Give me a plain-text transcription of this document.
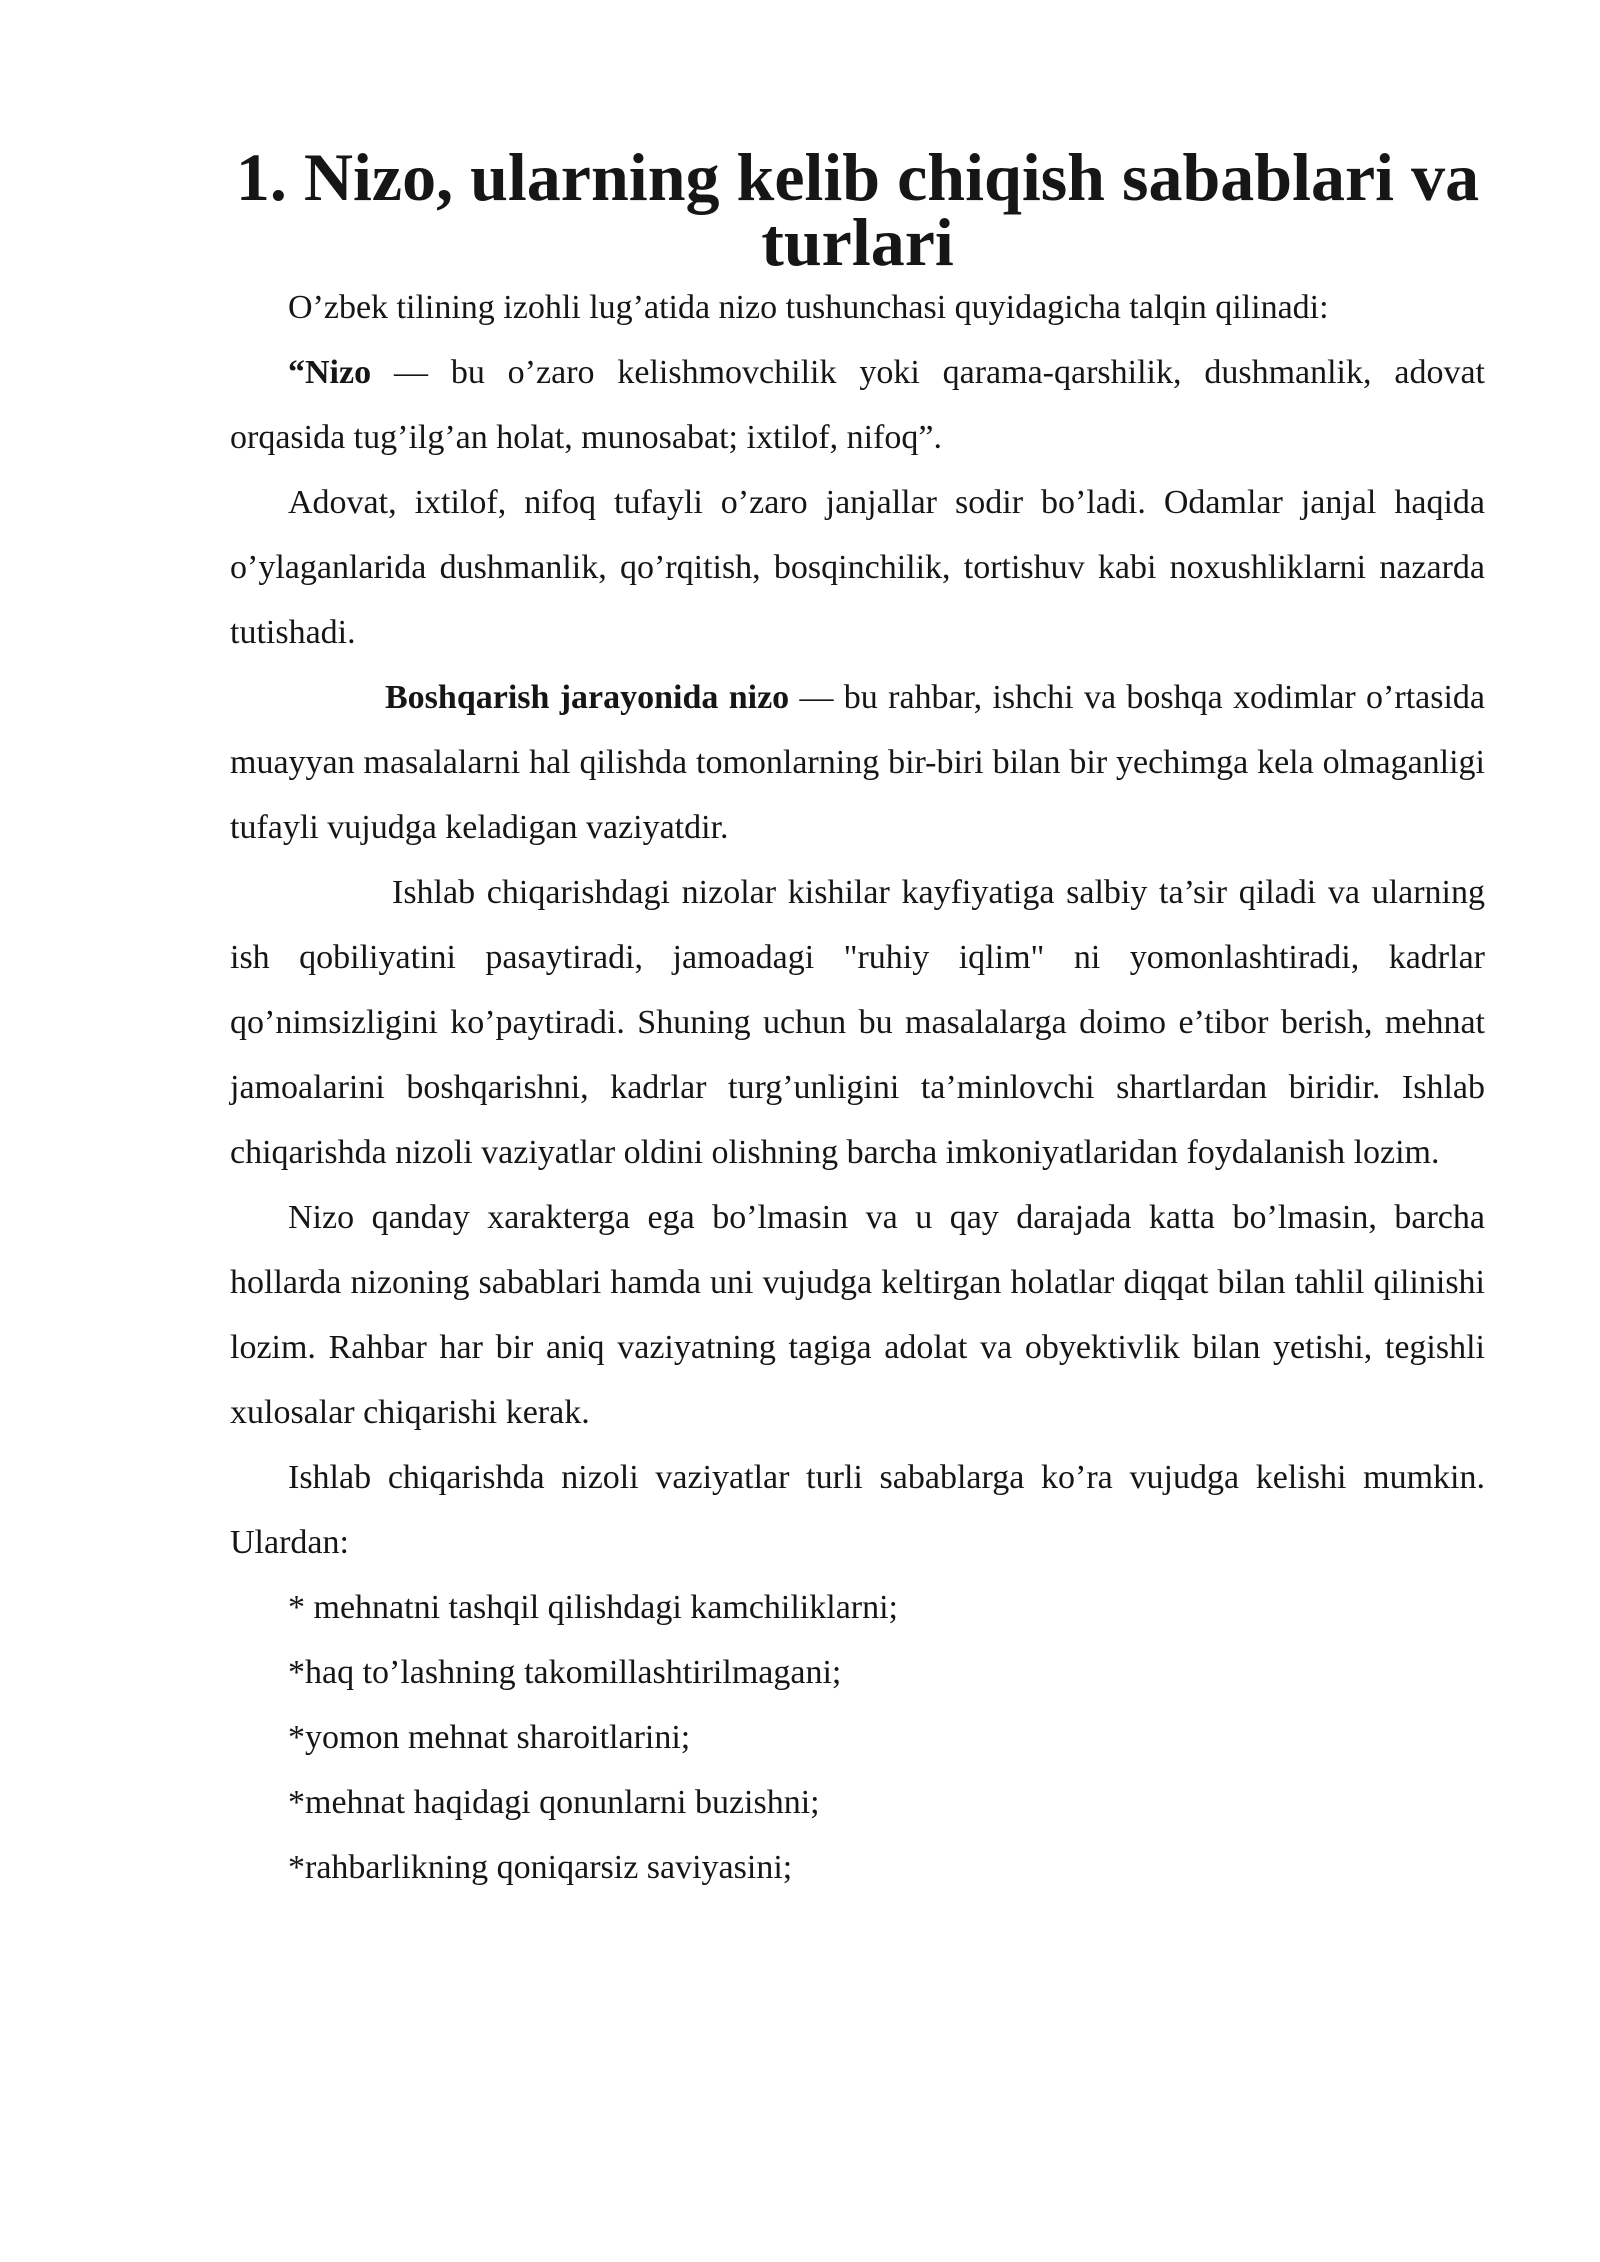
1. Nizo, ularning kelib chiqish sabablari va turlari

O’zbek tilining izohli lug’atida nizo tushunchasi quyidagicha talqin qilinadi:

“Nizo — bu o’zaro kelishmovchilik yoki qarama-qarshilik, dushmanlik, adovat orqasida tug’ilg’an holat, munosabat; ixtilof, nifoq”.

Adovat, ixtilof, nifoq tufayli o’zaro janjallar sodir bo’ladi. Odamlar janjal haqida o’ylaganlarida dushmanlik, qo’rqitish, bosqinchilik, tortishuv kabi noxushliklarni nazarda tutishadi.

Boshqarish jarayonida nizo — bu rahbar, ishchi va boshqa xodimlar o’rtasida muayyan masalalarni hal qilishda tomonlarning bir-biri bilan bir yechimga kela olmaganligi tufayli vujudga keladigan vaziyatdir.

Ishlab chiqarishdagi nizolar kishilar kayfiyatiga salbiy ta’sir qiladi va ularning ish qobiliyatini pasaytiradi, jamoadagi "ruhiy iqlim" ni yomonlashtiradi, kadrlar qo’nimsizligini ko’paytiradi. Shuning uchun bu masalalarga doimo e’tibor berish, mehnat jamoalarini boshqarishni, kadrlar turg’unligini ta’minlovchi shartlardan biridir. Ishlab chiqarishda nizoli vaziyatlar oldini olishning barcha imkoniyatlaridan foydalanish lozim.

Nizo qanday xarakterga ega bo’lmasin va u qay darajada katta bo’lmasin, barcha hollarda nizoning sabablari hamda uni vujudga keltirgan holatlar diqqat bilan tahlil qilinishi lozim. Rahbar har bir aniq vaziyatning tagiga adolat va obyektivlik bilan yetishi, tegishli xulosalar chiqarishi kerak.

Ishlab chiqarishda nizoli vaziyatlar turli sabablarga ko’ra vujudga kelishi mumkin. Ulardan:

* mehnatni tashqil qilishdagi kamchiliklarni;

*haq to’lashning takomillashtirilmagani;

*yomon mehnat sharoitlarini;

*mehnat haqidagi qonunlarni buzishni;

*rahbarlikning qoniqarsiz saviyasini;
